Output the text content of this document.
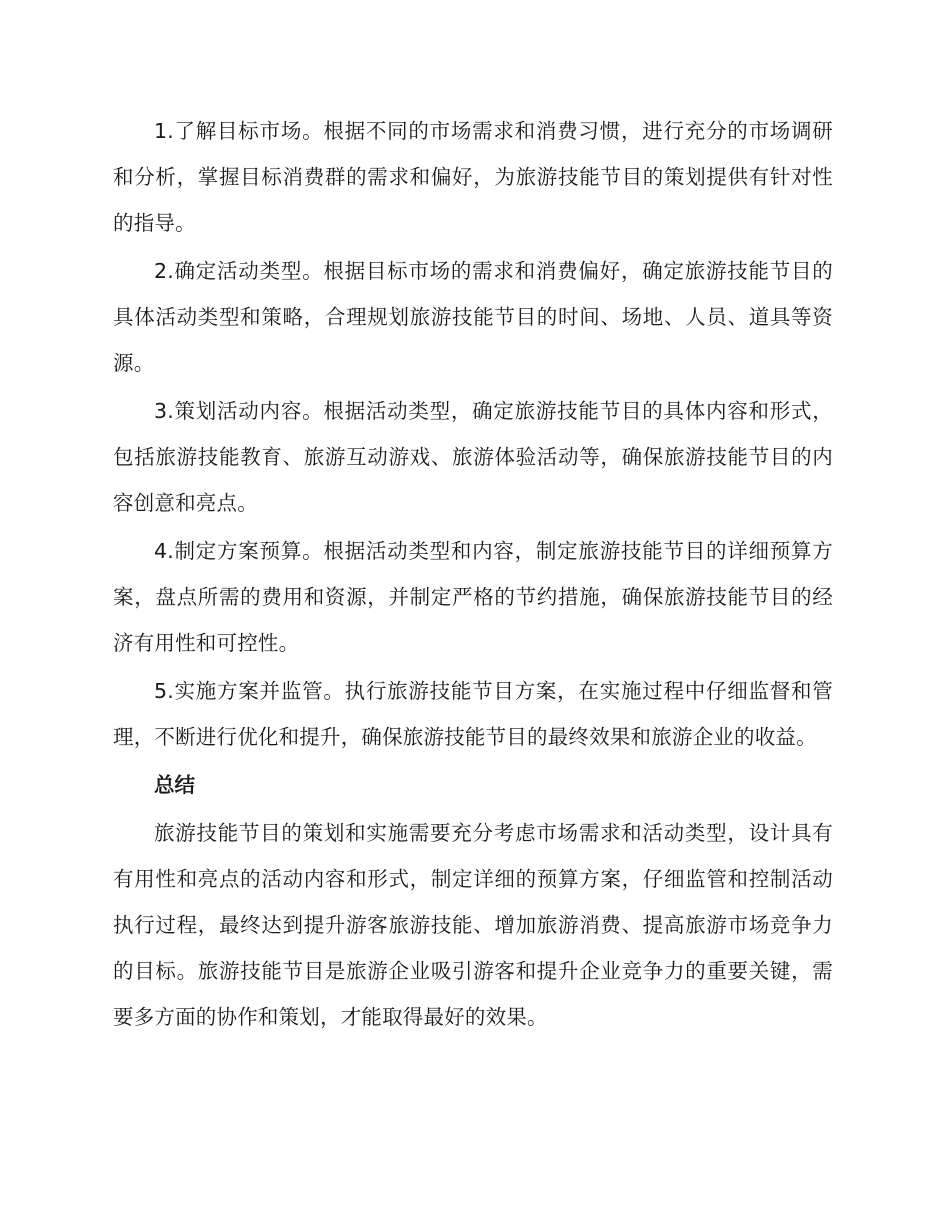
1.了解目标市场。根据不同的市场需求和消费习惯，进行充分的市场调研和分析，掌握目标消费群的需求和偏好，为旅游技能节目的策划提供有针对性的指导。

2.确定活动类型。根据目标市场的需求和消费偏好，确定旅游技能节目的具体活动类型和策略，合理规划旅游技能节目的时间、场地、人员、道具等资源。

3.策划活动内容。根据活动类型，确定旅游技能节目的具体内容和形式，包括旅游技能教育、旅游互动游戏、旅游体验活动等，确保旅游技能节目的内容创意和亮点。

4.制定方案预算。根据活动类型和内容，制定旅游技能节目的详细预算方案，盘点所需的费用和资源，并制定严格的节约措施，确保旅游技能节目的经济有用性和可控性。

5.实施方案并监管。执行旅游技能节目方案，在实施过程中仔细监督和管理，不断进行优化和提升，确保旅游技能节目的最终效果和旅游企业的收益。

总结

旅游技能节目的策划和实施需要充分考虑市场需求和活动类型，设计具有有用性和亮点的活动内容和形式，制定详细的预算方案，仔细监管和控制活动执行过程，最终达到提升游客旅游技能、增加旅游消费、提高旅游市场竞争力的目标。旅游技能节目是旅游企业吸引游客和提升企业竞争力的重要关键，需要多方面的协作和策划，才能取得最好的效果。
